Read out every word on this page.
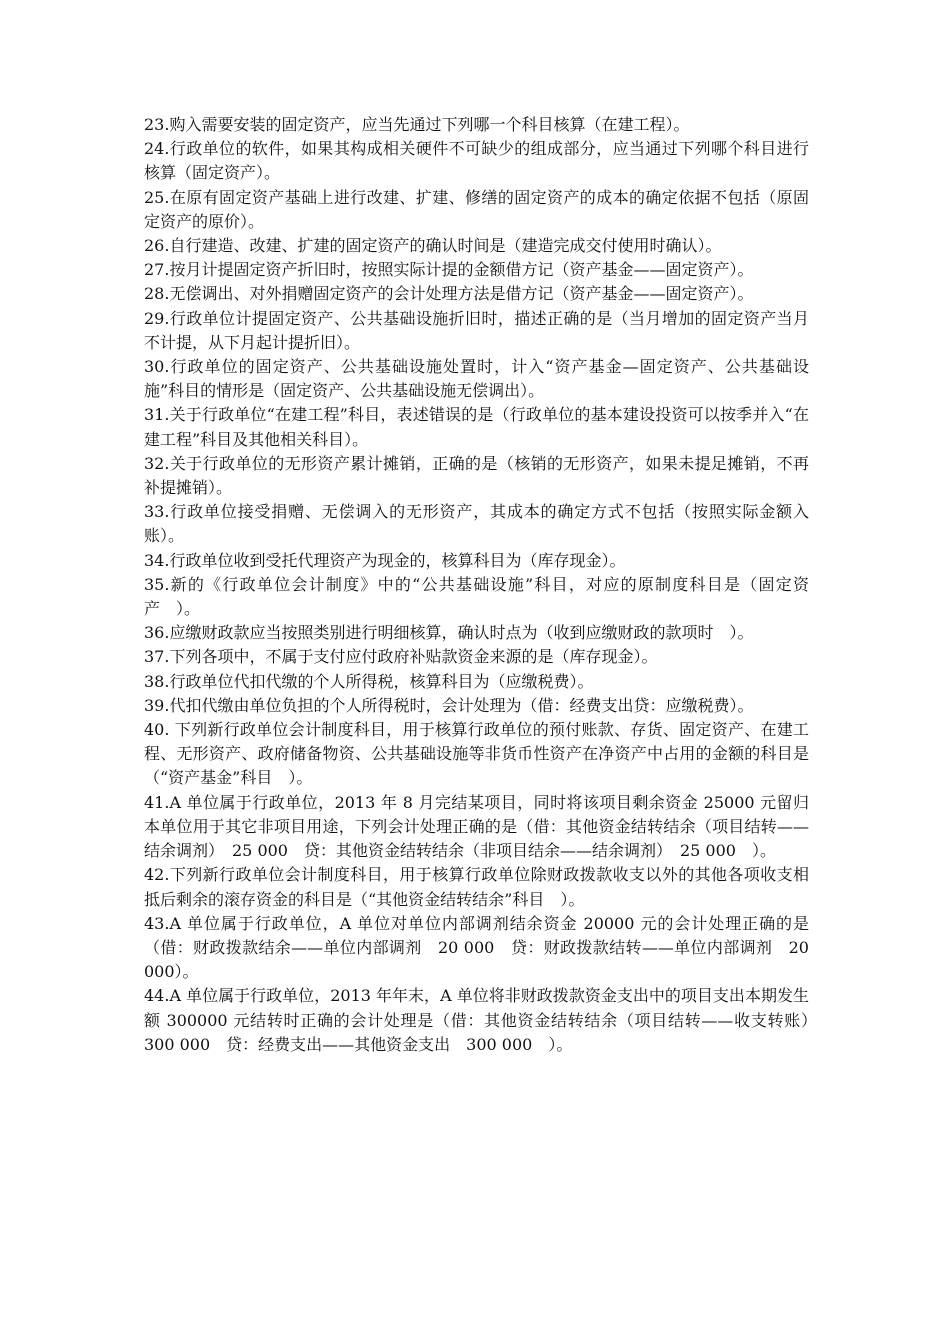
23.购入需要安装的固定资产，应当先通过下列哪一个科目核算（在建工程）。

24.行政单位的软件，如果其构成相关硬件不可缺少的组成部分，应当通过下列哪个科目进行核算（固定资产）。

25.在原有固定资产基础上进行改建、扩建、修缮的固定资产的成本的确定依据不包括（原固定资产的原价）。

26.自行建造、改建、扩建的固定资产的确认时间是（建造完成交付使用时确认）。

27.按月计提固定资产折旧时，按照实际计提的金额借方记（资产基金——固定资产）。

28.无偿调出、对外捐赠固定资产的会计处理方法是借方记（资产基金——固定资产）。

29.行政单位计提固定资产、公共基础设施折旧时，描述正确的是（当月增加的固定资产当月不计提，从下月起计提折旧）。

30.行政单位的固定资产、公共基础设施处置时，计入“资产基金—固定资产、公共基础设施”科目的情形是（固定资产、公共基础设施无偿调出）。

31.关于行政单位“在建工程”科目，表述错误的是（行政单位的基本建设投资可以按季并入“在建工程”科目及其他相关科目）。

32.关于行政单位的无形资产累计摊销，正确的是（核销的无形资产，如果未提足摊销，不再补提摊销）。

33.行政单位接受捐赠、无偿调入的无形资产，其成本的确定方式不包括（按照实际金额入账）。

34.行政单位收到受托代理资产为现金的，核算科目为（库存现金）。

35.新的《行政单位会计制度》中的“公共基础设施”科目，对应的原制度科目是（固定资产　）。

36.应缴财政款应当按照类别进行明细核算，确认时点为（收到应缴财政的款项时　）。

37.下列各项中，不属于支付应付政府补贴款资金来源的是（库存现金）。

38.行政单位代扣代缴的个人所得税，核算科目为（应缴税费）。

39.代扣代缴由单位负担的个人所得税时，会计处理为（借：经费支出贷：应缴税费）。

40. 下列新行政单位会计制度科目，用于核算行政单位的预付账款、存货、固定资产、在建工程、无形资产、政府储备物资、公共基础设施等非货币性资产在净资产中占用的金额的科目是（“资产基金”科目　）。

41.A 单位属于行政单位，2013 年 8 月完结某项目，同时将该项目剩余资金 25000 元留归本单位用于其它非项目用途，下列会计处理正确的是（借：其他资金结转结余（项目结转——结余调剂）　25 000　贷：其他资金结转结余（非项目结余——结余调剂）　25 000　）。

42.下列新行政单位会计制度科目，用于核算行政单位除财政拨款收支以外的其他各项收支相抵后剩余的滚存资金的科目是（“其他资金结转结余”科目　）。

43.A 单位属于行政单位，A 单位对单位内部调剂结余资金 20000 元的会计处理正确的是（借：财政拨款结余——单位内部调剂　20 000　贷：财政拨款结转——单位内部调剂　20 000）。

44.A 单位属于行政单位，2013 年年末，A 单位将非财政拨款资金支出中的项目支出本期发生额 300000 元结转时正确的会计处理是（借：其他资金结转结余（项目结转——收支转账）　300 000　贷：经费支出——其他资金支出　300 000　）。
